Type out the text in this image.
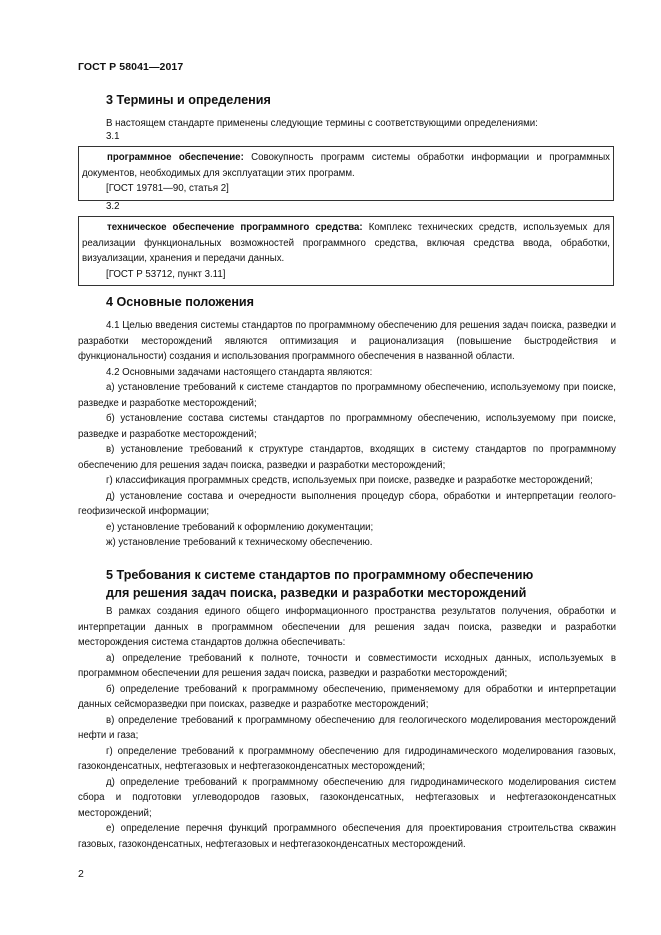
ГОСТ Р 58041—2017
3 Термины и определения
В настоящем стандарте применены следующие термины с соответствующими определениями:
3.1
программное обеспечение: Совокупность программ системы обработки информации и программных документов, необходимых для эксплуатации этих программ.
[ГОСТ 19781—90, статья 2]
3.2
техническое обеспечение программного средства: Комплекс технических средств, используемых для реализации функциональных возможностей программного средства, включая средства ввода, обработки, визуализации, хранения и передачи данных.
[ГОСТ Р 53712, пункт 3.11]
4 Основные положения
4.1 Целью введения системы стандартов по программному обеспечению для решения задач поиска, разведки и разработки месторождений являются оптимизация и рационализация (повышение быстродействия и функциональности) создания и использования программного обеспечения в названной области.
4.2 Основными задачами настоящего стандарта являются:
а) установление требований к системе стандартов по программному обеспечению, используемому при поиске, разведке и разработке месторождений;
б) установление состава системы стандартов по программному обеспечению, используемому при поиске, разведке и разработке месторождений;
в) установление требований к структуре стандартов, входящих в систему стандартов по программному обеспечению для решения задач поиска, разведки и разработки месторождений;
г) классификация программных средств, используемых при поиске, разведке и разработке месторождений;
д) установление состава и очередности выполнения процедур сбора, обработки и интерпретации геолого-геофизической информации;
е) установление требований к оформлению документации;
ж) установление требований к техническому обеспечению.
5 Требования к системе стандартов по программному обеспечению
для решения задач поиска, разведки и разработки месторождений
В рамках создания единого общего информационного пространства результатов получения, обработки и интерпретации данных в программном обеспечении для решения задач поиска, разведки и разработки месторождения система стандартов должна обеспечивать:
а) определение требований к полноте, точности и совместимости исходных данных, используемых в программном обеспечении для решения задач поиска, разведки и разработки месторождений;
б) определение требований к программному обеспечению, применяемому для обработки и интерпретации данных сейсморазведки при поисках, разведке и разработке месторождений;
в) определение требований к программному обеспечению для геологического моделирования месторождений нефти и газа;
г) определение требований к программному обеспечению для гидродинамического моделирования газовых, газоконденсатных, нефтегазовых и нефтегазоконденсатных месторождений;
д) определение требований к программному обеспечению для гидродинамического моделирования систем сбора и подготовки углеводородов газовых, газоконденсатных, нефтегазовых и нефтегазоконденсатных месторождений;
е) определение перечня функций программного обеспечения для проектирования строительства скважин газовых, газоконденсатных, нефтегазовых и нефтегазоконденсатных месторождений.
2
